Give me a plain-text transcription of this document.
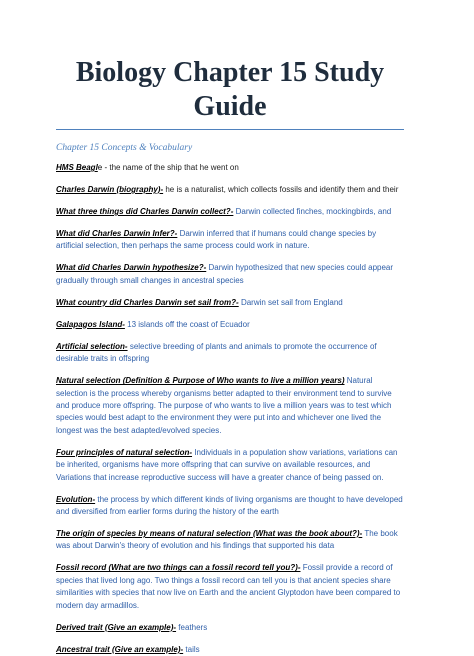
Biology Chapter 15 Study Guide

Chapter 15 Concepts & Vocabulary

HMS Beagle - the name of the ship that he went on

Charles Darwin (biography)- he is a naturalist, which collects fossils and identify them and their

What three things did Charles Darwin collect?- Darwin collected finches, mockingbirds, and

What did Charles Darwin Infer?- Darwin inferred that if humans could change species by artificial selection, then perhaps the same process could work in nature.

What did Charles Darwin hypothesize?- Darwin hypothesized that new species could appear gradually through small changes in ancestral species

What country did Charles Darwin set sail from?- Darwin set sail from England

Galapagos Island- 13 islands off the coast of Ecuador

Artificial selection- selective breeding of plants and animals to promote the occurrence of desirable traits in offspring

Natural selection (Definition & Purpose of Who wants to live a million years) Natural selection is the process whereby organisms better adapted to their environment tend to survive and produce more offspring. The purpose of who wants to live a million years was to test which species would best adapt to the environment they were put into and whichever one lived the longest was the best adapted/evolved species.

Four principles of natural selection- Individuals in a population show variations, variations can be inherited, organisms have more offspring that can survive on available resources, and Variations that increase reproductive success will have a greater chance of being passed on.

Evolution- the process by which different kinds of living organisms are thought to have developed and diversified from earlier forms during the history of the earth

The origin of species by means of natural selection (What was the book about?)- The book was about Darwin's theory of evolution and his findings that supported his data

Fossil record (What are two things can a fossil record tell you?)- Fossil provide a record of species that lived long ago. Two things a fossil record can tell you is that ancient species share similarities with species that now live on Earth and the ancient Glyptodon have been compared to modern day armadillos.

Derived trait (Give an example)- feathers

Ancestral trait (Give an example)- tails
